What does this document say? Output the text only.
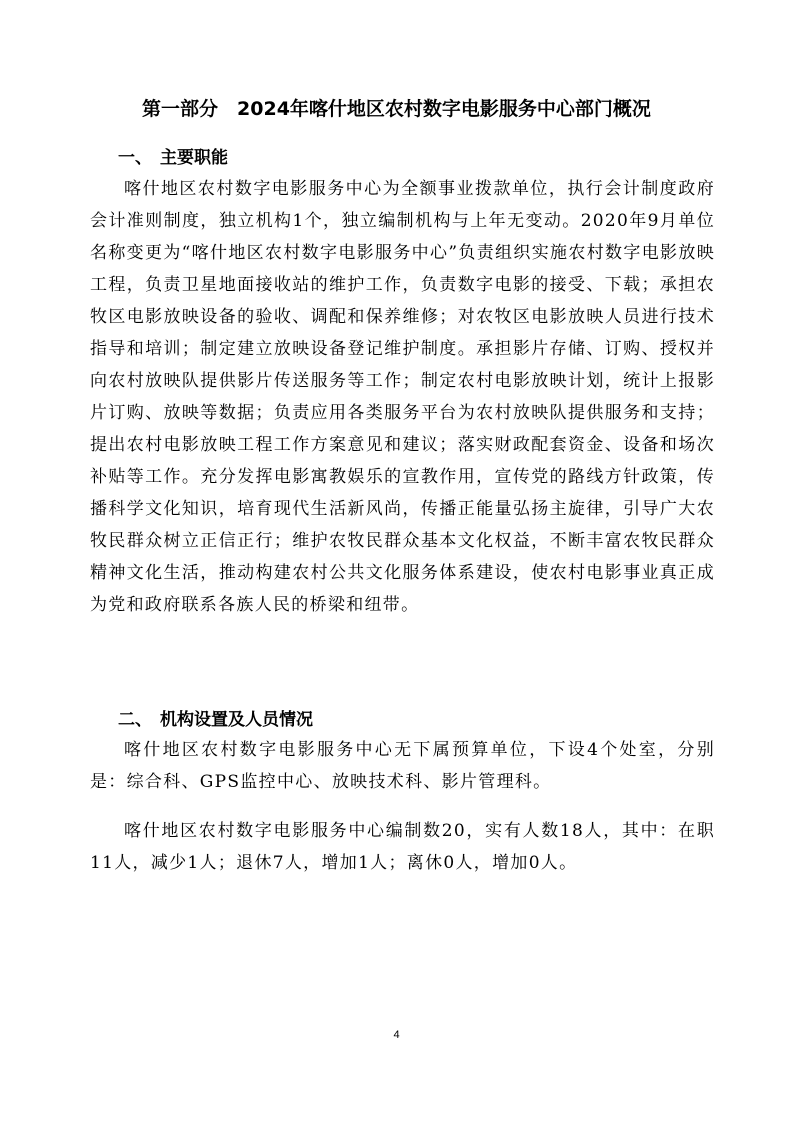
第一部分　2024年喀什地区农村数字电影服务中心部门概况
一、 主要职能
喀什地区农村数字电影服务中心为全额事业拨款单位，执行会计制度政府会计准则制度，独立机构1个，独立编制机构与上年无变动。2020年9月单位名称变更为“喀什地区农村数字电影服务中心”负责组织实施农村数字电影放映工程，负责卫星地面接收站的维护工作，负责数字电影的接受、下载；承担农牧区电影放映设备的验收、调配和保养维修；对农牧区电影放映人员进行技术指导和培训；制定建立放映设备登记维护制度。承担影片存储、订购、授权并向农村放映队提供影片传送服务等工作；制定农村电影放映计划，统计上报影片订购、放映等数据；负责应用各类服务平台为农村放映队提供服务和支持；提出农村电影放映工程工作方案意见和建议；落实财政配套资金、设备和场次补贴等工作。充分发挥电影寓教娱乐的宣教作用，宣传党的路线方针政策，传播科学文化知识，培育现代生活新风尚，传播正能量弘扬主旋律，引导广大农牧民群众树立正信正行；维护农牧民群众基本文化权益，不断丰富农牧民群众精神文化生活，推动构建农村公共文化服务体系建设，使农村电影事业真正成为党和政府联系各族人民的桥梁和纽带。
二、 机构设置及人员情况
喀什地区农村数字电影服务中心无下属预算单位，下设4个处室，分别是：综合科、GPS监控中心、放映技术科、影片管理科。
喀什地区农村数字电影服务中心编制数20，实有人数18人，其中：在职11人，减少1人；退休7人，增加1人；离休0人，增加0人。
4
